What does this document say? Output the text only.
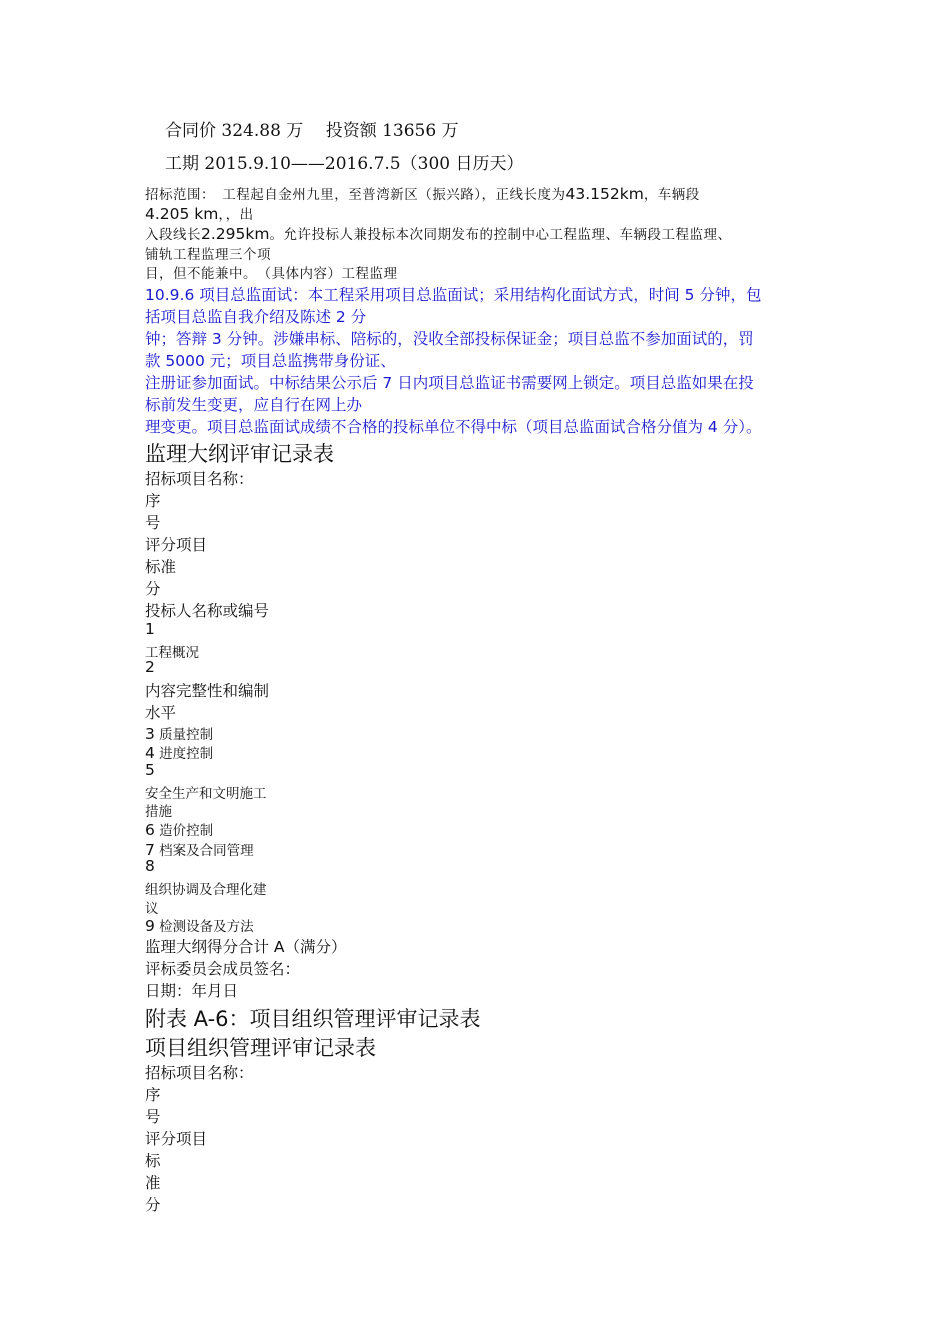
合同价 324.88 万　 投资额 13656 万
工期 2015.9.10——2016.7.5（300 日历天）
招标范围：　工程起自金州九里，至普湾新区（振兴路），正线长度为43.152km，车辆段
4.205 km，，出
入段线长2.295km。允许投标人兼投标本次同期发布的控制中心工程监理、车辆段工程监理、
铺轨工程监理三个项
目，但不能兼中。　（具体内容）工程监理
10.9.6 项目总监面试：本工程采用项目总监面试；采用结构化面试方式，时间 5 分钟，包
括项目总监自我介绍及陈述 2 分
钟；答辩 3 分钟。涉嫌串标、陪标的，没收全部投标保证金；项目总监不参加面试的，罚
款 5000 元；项目总监携带身份证、
注册证参加面试。中标结果公示后 7 日内项目总监证书需要网上锁定。项目总监如果在投
标前发生变更，应自行在网上办
理变更。项目总监面试成绩不合格的投标单位不得中标（项目总监面试合格分值为 4 分）。
监理大纲评审记录表
招标项目名称：
序
号
评分项目
标准
分
投标人名称或编号
1
工程概况
2
内容完整性和编制
水平
3 质量控制
4 进度控制
5
安全生产和文明施工
措施
6 造价控制
7 档案及合同管理
8
组织协调及合理化建
议
9 检测设备及方法
监理大纲得分合计 A（满分）
评标委员会成员签名：
日期：年月日
附表 A-6：项目组织管理评审记录表
项目组织管理评审记录表
招标项目名称：
序
号
评分项目
标
准
分
